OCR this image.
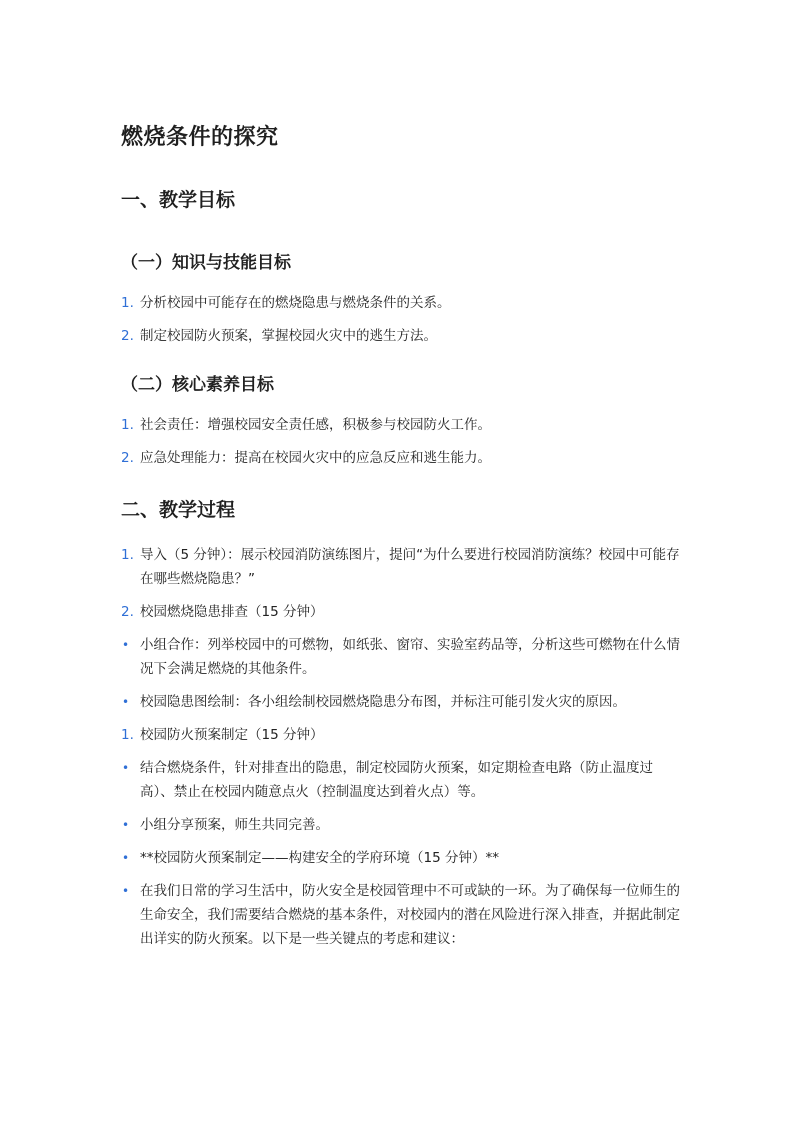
燃烧条件的探究
一、教学目标
（一）知识与技能目标
1. 分析校园中可能存在的燃烧隐患与燃烧条件的关系。
2. 制定校园防火预案，掌握校园火灾中的逃生方法。
（二）核心素养目标
1. 社会责任：增强校园安全责任感，积极参与校园防火工作。
2. 应急处理能力：提高在校园火灾中的应急反应和逃生能力。
二、教学过程
1. 导入（5 分钟）：展示校园消防演练图片，提问“为什么要进行校园消防演练？校园中可能存在哪些燃烧隐患？”
2. 校园燃烧隐患排查（15 分钟）
• 小组合作：列举校园中的可燃物，如纸张、窗帘、实验室药品等，分析这些可燃物在什么情况下会满足燃烧的其他条件。
• 校园隐患图绘制：各小组绘制校园燃烧隐患分布图，并标注可能引发火灾的原因。
1. 校园防火预案制定（15 分钟）
• 结合燃烧条件，针对排查出的隐患，制定校园防火预案，如定期检查电路（防止温度过高）、禁止在校园内随意点火（控制温度达到着火点）等。
• 小组分享预案，师生共同完善。
• **校园防火预案制定——构建安全的学府环境（15 分钟）**
• 在我们日常的学习生活中，防火安全是校园管理中不可或缺的一环。为了确保每一位师生的生命安全，我们需要结合燃烧的基本条件，对校园内的潜在风险进行深入排查，并据此制定出详实的防火预案。以下是一些关键点的考虑和建议：
